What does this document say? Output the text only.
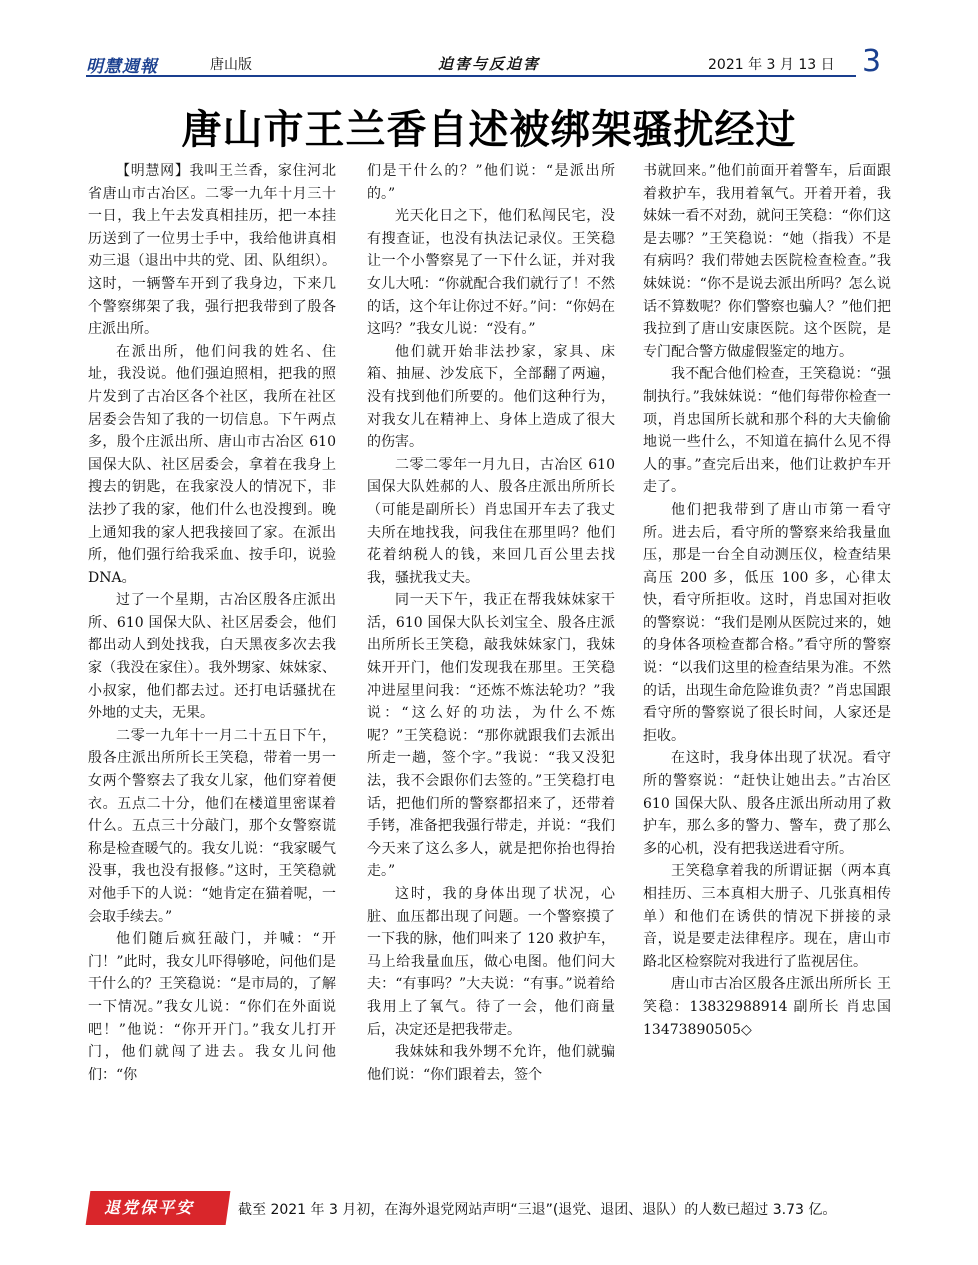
明慧週報	唐山版	迫害与反迫害	2021 年 3 月 13 日 3
唐山市王兰香自述被绑架骚扰经过

【明慧网】我叫王兰香，家住河北省唐山市古冶区。二零一九年十月三十一日，我上午去发真相挂历，把一本挂历送到了一位男士手中，我给他讲真相劝三退（退出中共的党、团、队组织）。这时，一辆警车开到了我身边，下来几个警察绑架了我，强行把我带到了殷各庄派出所。

在派出所，他们问我的姓名、住址，我没说。他们强迫照相，把我的照片发到了古冶区各个社区，我所在社区居委会告知了我的一切信息。下午两点多，殷个庄派出所、唐山市古冶区 610 国保大队、社区居委会，拿着在我身上搜去的钥匙，在我家没人的情况下，非法抄了我的家，他们什么也没搜到。晚上通知我的家人把我接回了家。在派出所，他们强行给我采血、按手印，说验 DNA。

过了一个星期，古冶区殷各庄派出所、610 国保大队、社区居委会，他们都出动人到处找我，白天黑夜多次去我家（我没在家住）。我外甥家、妹妹家、小叔家，他们都去过。还打电话骚扰在外地的丈夫，无果。

二零一九年十一月二十五日下午，殷各庄派出所所长王笑稳，带着一男一女两个警察去了我女儿家，他们穿着便衣。五点二十分，他们在楼道里密谋着什么。五点三十分敲门，那个女警察谎称是检查暖气的。我女儿说：“我家暖气没事，我也没有报修。”这时，王笑稳就对他手下的人说：“她肯定在猫着呢，一会取手续去。”

他们随后疯狂敲门，并喊：“开门！”此时，我女儿吓得够呛，问他们是干什么的？王笑稳说：“是市局的，了解一下情况。”我女儿说：“你们在外面说吧！”他说：“你开开门。”我女儿打开门，他们就闯了进去。我女儿问他们：“你

们是干什么的？”他们说：“是派出所的。”

光天化日之下，他们私闯民宅，没有搜查证，也没有执法记录仪。王笑稳让一个小警察晃了一下什么证，并对我女儿大吼：“你就配合我们就行了！不然的话，这个年让你过不好。”问：“你妈在这吗？”我女儿说：“没有。”

他们就开始非法抄家，家具、床箱、抽屉、沙发底下，全部翻了两遍，没有找到他们所要的。他们这种行为，对我女儿在精神上、身体上造成了很大的伤害。

二零二零年一月九日，古冶区 610 国保大队姓郝的人、殷各庄派出所所长（可能是副所长）肖忠国开车去了我丈夫所在地找我，问我住在那里吗？他们花着纳税人的钱，来回几百公里去找我，骚扰我丈夫。

同一天下午，我正在帮我妹妹家干活，610 国保大队长刘宝全、殷各庄派出所所长王笑稳，敲我妹妹家门，我妹妹开开门，他们发现我在那里。王笑稳冲进屋里问我：“还炼不炼法轮功？”我说：“这么好的功法，为什么不炼呢？”王笑稳说：“那你就跟我们去派出所走一趟，签个字。”我说：“我又没犯法，我不会跟你们去签的。”王笑稳打电话，把他们所的警察都招来了，还带着手铐，准备把我强行带走，并说：“我们今天来了这么多人，就是把你抬也得抬走。”

这时，我的身体出现了状况，心脏、血压都出现了问题。一个警察摸了一下我的脉，他们叫来了 120 救护车，马上给我量血压，做心电图。他们问大夫：“有事吗？”大夫说：“有事。”说着给我用上了氧气。待了一会，他们商量后，决定还是把我带走。

我妹妹和我外甥不允许，他们就骗他们说：“你们跟着去，签个

书就回来。”他们前面开着警车，后面跟着救护车，我用着氧气。开着开着，我妹妹一看不对劲，就问王笑稳：“你们这是去哪？”王笑稳说：“她（指我）不是有病吗？我们带她去医院检查检查。”我妹妹说：“你不是说去派出所吗？怎么说话不算数呢？你们警察也骗人？”他们把我拉到了唐山安康医院。这个医院，是专门配合警方做虚假鉴定的地方。

我不配合他们检查，王笑稳说：“强制执行。”我妹妹说：“他们每带你检查一项，肖忠国所长就和那个科的大夫偷偷地说一些什么，不知道在搞什么见不得人的事。”查完后出来，他们让救护车开走了。

他们把我带到了唐山市第一看守所。进去后，看守所的警察来给我量血压，那是一台全自动测压仪，检查结果高压 200 多，低压 100 多，心律太快，看守所拒收。这时，肖忠国对拒收的警察说：“我们是刚从医院过来的，她的身体各项检查都合格。”看守所的警察说：“以我们这里的检查结果为准。不然的话，出现生命危险谁负责？”肖忠国跟看守所的警察说了很长时间，人家还是拒收。

在这时，我身体出现了状况。看守所的警察说：“赶快让她出去。”古冶区 610 国保大队、殷各庄派出所动用了救护车，那么多的警力、警车，费了那么多的心机，没有把我送进看守所。

王笑稳拿着我的所谓证据（两本真相挂历、三本真相大册子、几张真相传单）和他们在诱供的情况下拼接的录音，说是要走法律程序。现在，唐山市路北区检察院对我进行了监视居住。

唐山市古冶区殷各庄派出所所长 王笑稳：13832988914 副所长 肖忠国 13473890505◇

退党保平安	截至 2021 年 3 月初，在海外退党网站声明“三退”(退党、退团、退队）的人数已超过 3.73 亿。
